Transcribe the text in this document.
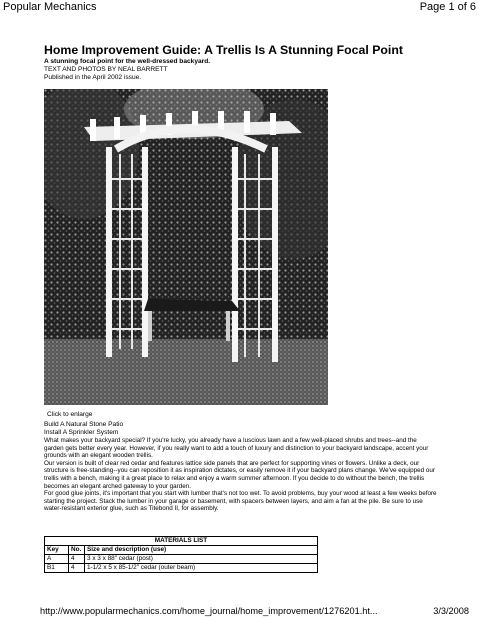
Popular Mechanics	Page 1 of 6
Home Improvement Guide: A Trellis Is A Stunning Focal Point
A stunning focal point for the well-dressed backyard.
TEXT AND PHOTOS BY NEAL BARRETT
Published in the April 2002 issue.
Click to enlarge
Build A Natural Stone Patio
Install A Sprinkler System

What makes your backyard special? If you're lucky, you already have a luscious lawn and a few well-placed shrubs and trees--and the garden gets better every year. However, if you really want to add a touch of luxury and distinction to your backyard landscape, accent your grounds with an elegant wooden trellis.

Our version is built of clear red cedar and features lattice side panels that are perfect for supporting vines or flowers. Unlike a deck, our structure is free-standing--you can reposition it as inspiration dictates, or easily remove it if your backyard plans change. We've equipped our trellis with a bench, making it a great place to relax and enjoy a warm summer afternoon. If you decide to do without the bench, the trellis becomes an elegant arched gateway to your garden.

For good glue joints, it's important that you start with lumber that's not too wet. To avoid problems, buy your wood at least a few weeks before starting the project. Stack the lumber in your garage or basement, with spacers between layers, and aim a fan at the pile. Be sure to use water-resistant exterior glue, such as Titebond II, for assembly.

MATERIALS LIST		
Key	No.	Size and description (use)
A	4	3 x 3 x 88" cedar (post)
B1	4	1-1/2 x 5 x 85-1/2" cedar (outer beam)
http://www.popularmechanics.com/home_journal/home_improvement/1276201.ht...	3/3/2008
